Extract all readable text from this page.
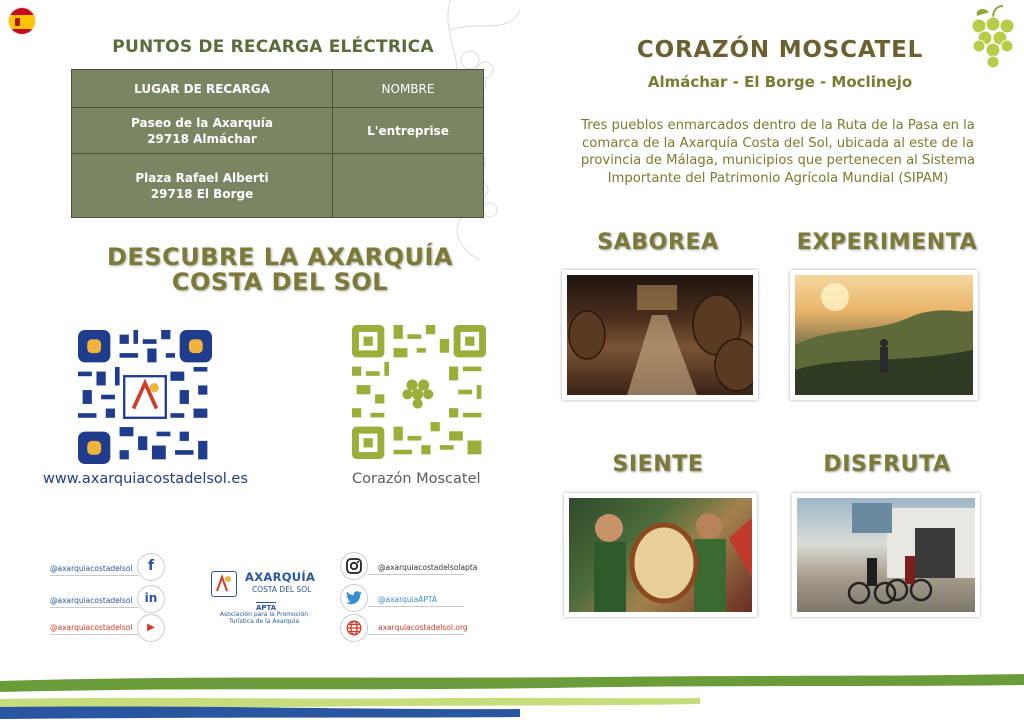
PUNTOS DE RECARGA ELÉCTRICA
LUGAR DE RECARGA	NOMBRE
Paseo de la Axarquía
29718 Almáchar	L'entreprise
Plaza Rafael Alberti
29718 El Borge	
DESCUBRE LA AXARQUÍA
COSTA DEL SOL
www.axarquiacostadelsol.es	Corazón Moscatel
@axarquiacostadelsol
@axarquiacostadelsol
@axarquiacostadelsol
f
in
▶
@axarquiacostadelsolapta
@axarquiaAPTA
axarquiacostadelsol.org
AXARQUÍA
COSTA DEL SOL
APTA
Asociación para la Promoción
Turística de la Axarquía
CORAZÓN MOSCATEL
Almáchar - El Borge - Moclinejo
Tres pueblos enmarcados dentro de la Ruta de la Pasa en la comarca de la Axarquía Costa del Sol, ubicada al este de la provincia de Málaga, municipios que pertenecen al Sistema Importante del Patrimonio Agrícola Mundial (SIPAM)
SABOREA	EXPERIMENTA
SIENTE	DISFRUTA
